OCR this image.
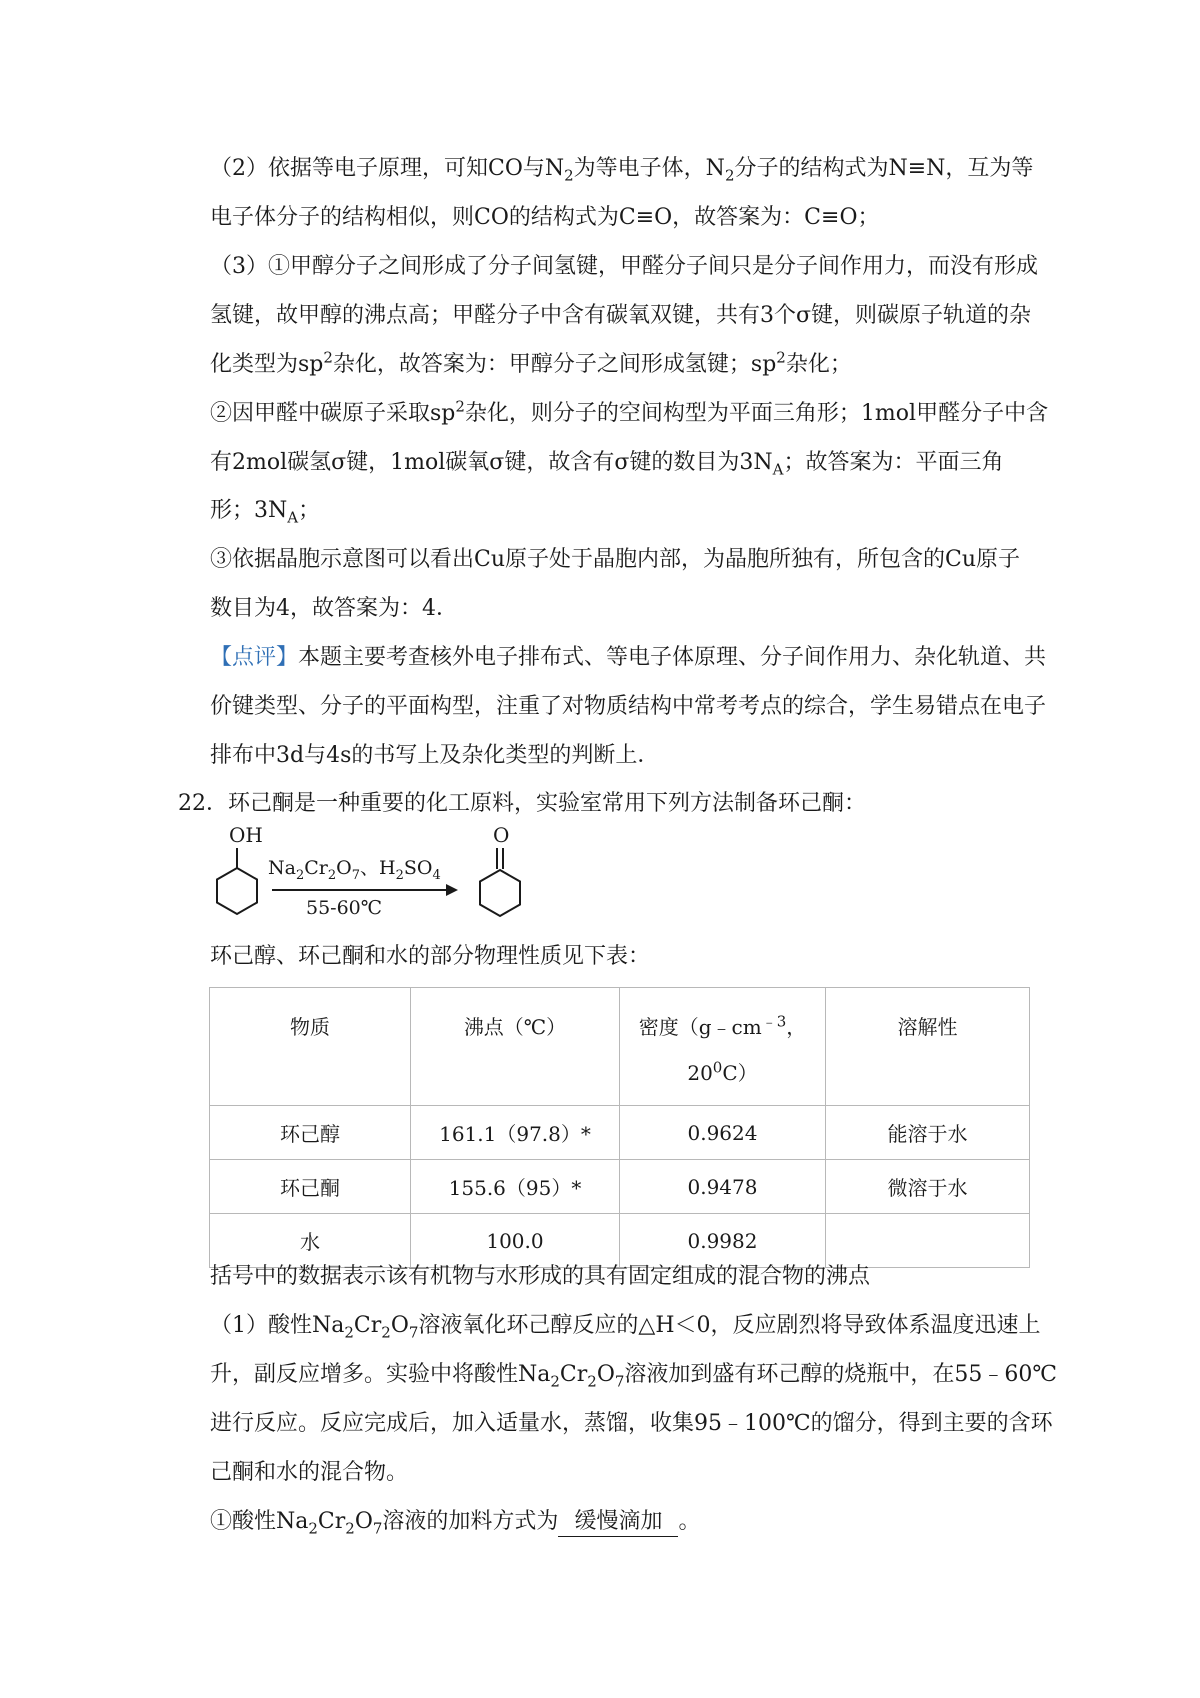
（2）依据等电子原理，可知CO与$N_2$为等电子体，$N_2$分子的结构式为N≡N，互为等
电子体分子的结构相似，则CO的结构式为C≡O，故答案为：C≡O；
（3）①甲醇分子之间形成了分子间氢键，甲醛分子间只是分子间作用力，而没有形成
氢键，故甲醇的沸点高；甲醛分子中含有碳氧双键，共有3个σ键，则碳原子轨道的杂
化类型为$sp^2$杂化，故答案为：甲醇分子之间形成氢键；$sp^2$杂化；
②因甲醛中碳原子采取$sp^2$杂化，则分子的空间构型为平面三角形；1mol甲醛分子中含
有2mol碳氢σ键，1mol碳氧σ键，故含有σ键的数目为$3N_A$；故答案为：平面三角
形；$3N_A$；
③依据晶胞示意图可以看出Cu原子处于晶胞内部，为晶胞所独有，所包含的Cu原子
数目为4，故答案为：4．
【点评】本题主要考查核外电子排布式、等电子体原理、分子间作用力、杂化轨道、共
价键类型、分子的平面构型，注重了对物质结构中常考考点的综合，学生易错点在电子
排布中3d与4s的书写上及杂化类型的判断上．
22．环己酮是一种重要的化工原料，实验室常用下列方法制备环己酮：
OH
$Na_2Cr_2O_7$、$H_2SO_4$
55-60℃
O
环己醇、环己酮和水的部分物理性质见下表：
物质	沸点（℃）	密度（$g﹣cm^{﹣3}$，
$20^0C$）	溶解性
环己醇	161.1（97.8）*	0.9624	能溶于水
环己酮	155.6（95）*	0.9478	微溶于水
水	100.0	0.9982	
括号中的数据表示该有机物与水形成的具有固定组成的混合物的沸点
（1）酸性$Na_2Cr_2O_7$溶液氧化环己醇反应的△H＜0，反应剧烈将导致体系温度迅速上
升，副反应增多。实验中将酸性$Na_2Cr_2O_7$溶液加到盛有环己醇的烧瓶中，在55﹣60℃
进行反应。反应完成后，加入适量水，蒸馏，收集95﹣100℃的馏分，得到主要的含环
己酮和水的混合物。
①酸性$Na_2Cr_2O_7$溶液的加料方式为 缓慢滴加 。
